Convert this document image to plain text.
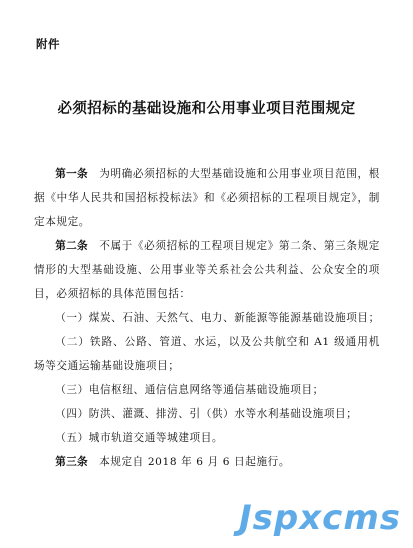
附件
必须招标的基础设施和公用事业项目范围规定

第一条　 为明确必须招标的大型基础设施和公用事业项目范围，根据《中华人民共和国招标投标法》和《必须招标的工程项目规定》，制定本规定。

第二条　 不属于《必须招标的工程项目规定》第二条、第三条规定情形的大型基础设施、公用事业等关系社会公共利益、公众安全的项目，必须招标的具体范围包括：

（一）煤炭、石油、天然气、电力、新能源等能源基础设施项目；

（二）铁路、公路、管道、水运，以及公共航空和 A1 级通用机场等交通运输基础设施项目；

（三）电信枢纽、通信信息网络等通信基础设施项目；

（四）防洪、灌溉、排涝、引（供）水等水利基础设施项目；

（五）城市轨道交通等城建项目。

第三条　 本规定自 2018 年 6 月 6 日起施行。

Jspxcms
